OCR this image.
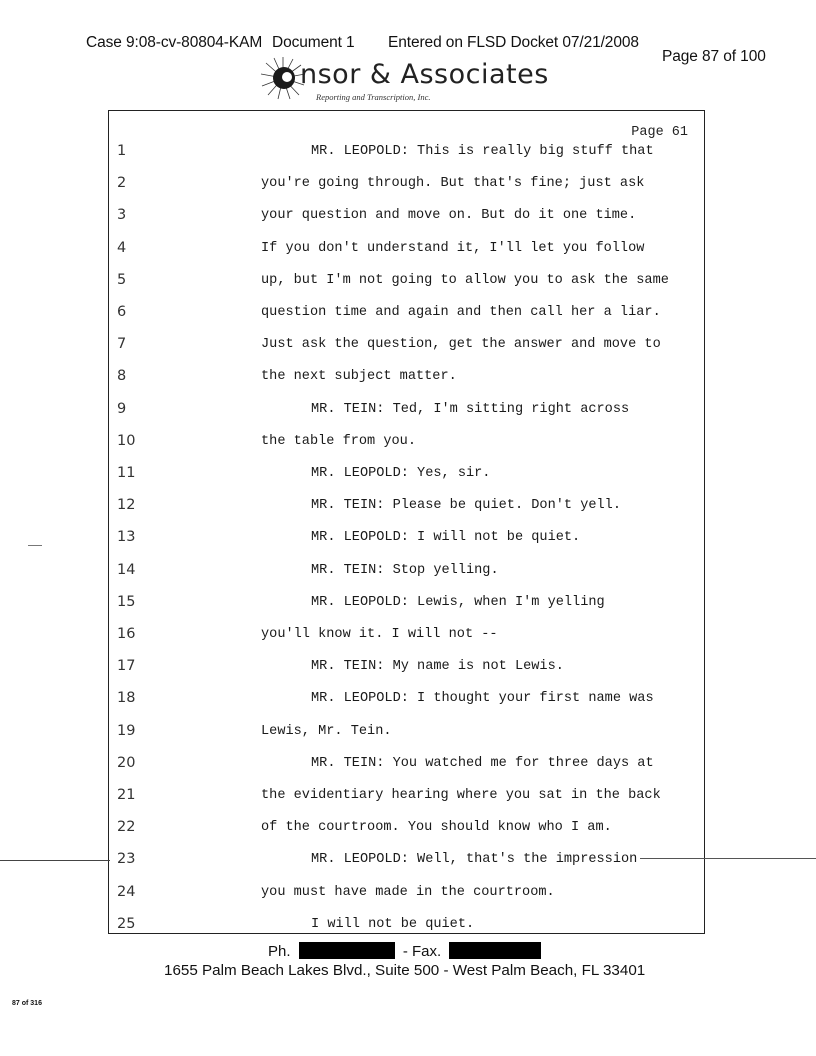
Case 9:08-cv-80804-KAM Document 1 Entered on FLSD Docket 07/21/2008
Page 87 of 100
nsor & Associates
Reporting and Transcription, Inc.
Page 61
1	MR. LEOPOLD: This is really big stuff that
2	you're going through. But that's fine; just ask
3	your question and move on. But do it one time.
4	If you don't understand it, I'll let you follow
5	up, but I'm not going to allow you to ask the same
6	question time and again and then call her a liar.
7	Just ask the question, get the answer and move to
8	the next subject matter.
9	MR. TEIN: Ted, I'm sitting right across
10	the table from you.
11	MR. LEOPOLD: Yes, sir.
12	MR. TEIN: Please be quiet. Don't yell.
13	MR. LEOPOLD: I will not be quiet.
14	MR. TEIN: Stop yelling.
15	MR. LEOPOLD: Lewis, when I'm yelling
16	you'll know it. I will not --
17	MR. TEIN: My name is not Lewis.
18	MR. LEOPOLD: I thought your first name was
19	Lewis, Mr. Tein.
20	MR. TEIN: You watched me for three days at
21	the evidentiary hearing where you sat in the back
22	of the courtroom. You should know who I am.
23	MR. LEOPOLD: Well, that's the impression
24	you must have made in the courtroom.
25	I will not be quiet.
Ph.	- Fax.
1655 Palm Beach Lakes Blvd., Suite 500 - West Palm Beach, FL 33401
87 of 316
